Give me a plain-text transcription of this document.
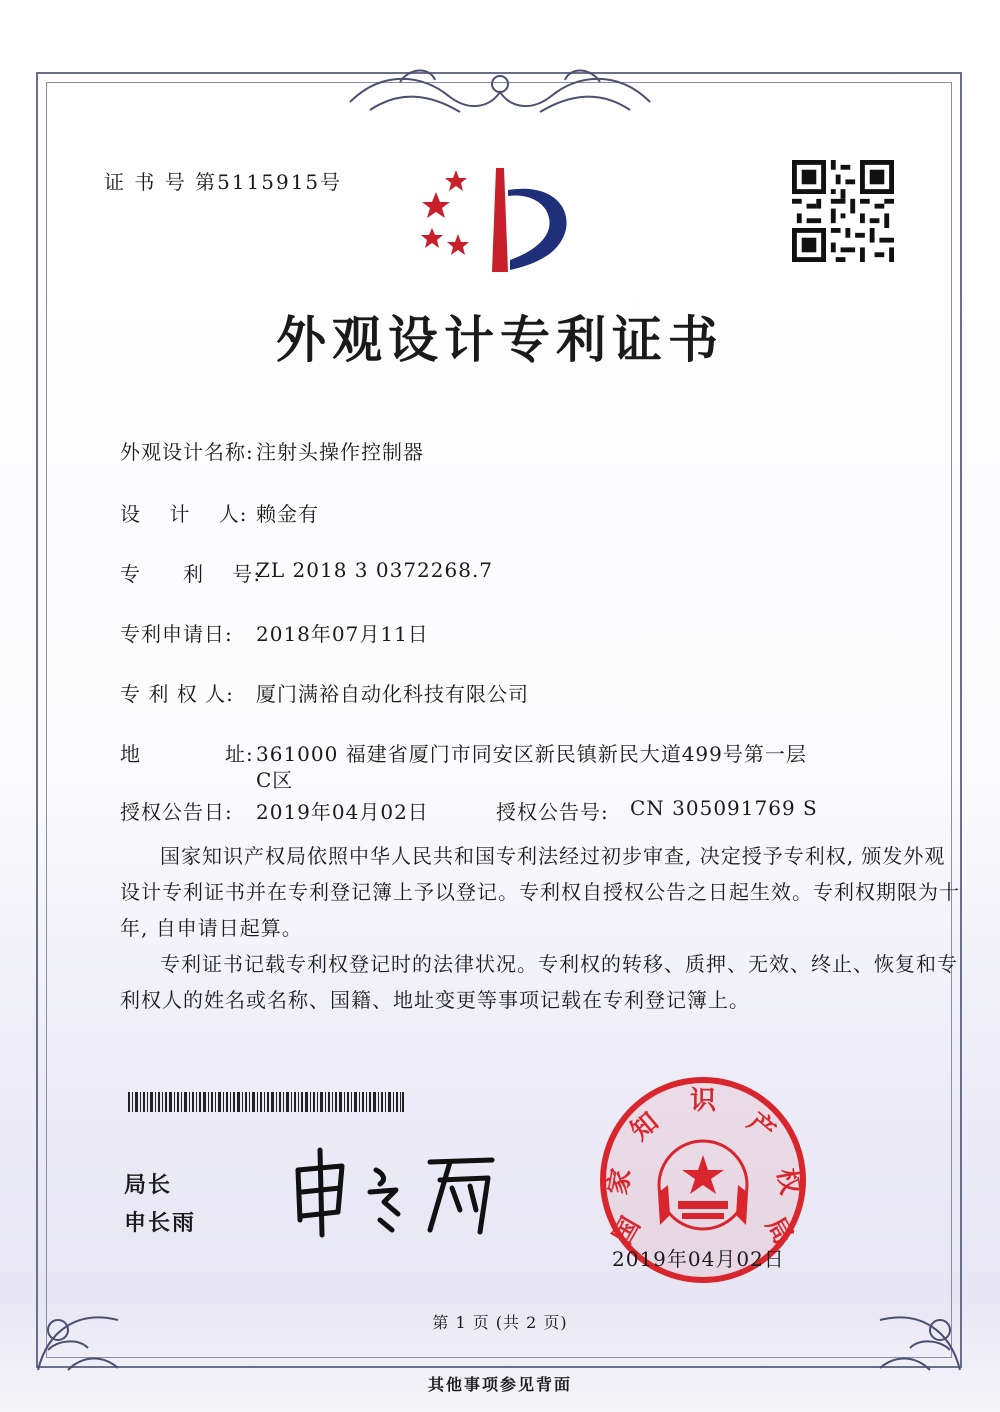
证 书 号 第5115915号
外观设计专利证书
外观设计名称: 注射头操作控制器
设　 计　 人: 赖金有
专　　利　 号:
ZL 2018 3 0372268.7
专利申请日: 2018年07月11日
专 利 权 人: 厦门满裕自动化科技有限公司
地　　　　址: 361000 福建省厦门市同安区新民镇新民大道499号第一层
C区
授权公告日: 2019年04月02日	授权公告号: CN 305091769 S
国家知识产权局依照中华人民共和国专利法经过初步审查, 决定授予专利权, 颁发外观
设计专利证书并在专利登记簿上予以登记。专利权自授权公告之日起生效。专利权期限为十
年, 自申请日起算。
专利证书记载专利权登记时的法律状况。专利权的转移、质押、无效、终止、恢复和专
利权人的姓名或名称、国籍、地址变更等事项记载在专利登记簿上。
局长
申长雨	国
家
知
识
产
权
局
2019年04月02日
第 1 页 (共 2 页)
其他事项参见背面
